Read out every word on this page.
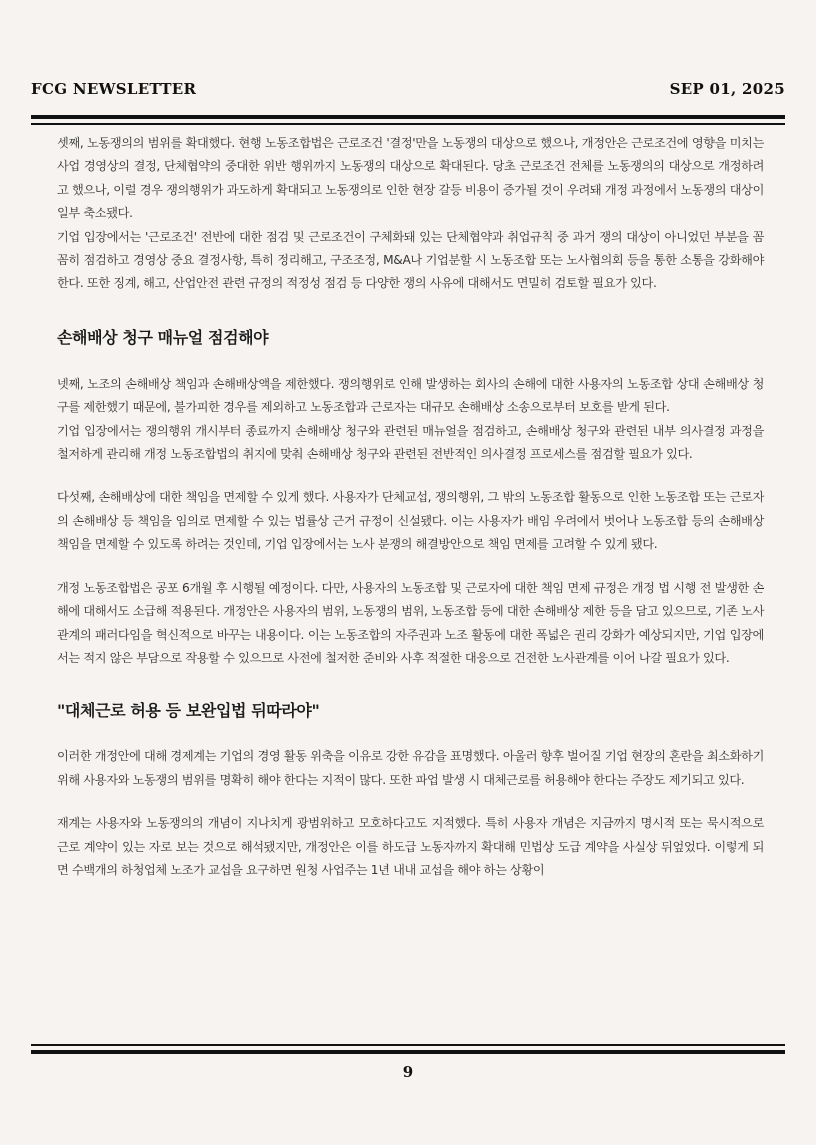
FCG NEWSLETTER	SEP 01, 2025

셋째, 노동쟁의의 범위를 확대했다. 현행 노동조합법은 근로조건 '결정'만을 노동쟁의 대상으로 했으나, 개정안은 근로조건에 영향을 미치는 사업 경영상의 결정, 단체협약의 중대한 위반 행위까지 노동쟁의 대상으로 확대된다. 당초 근로조건 전체를 노동쟁의의 대상으로 개정하려고 했으나, 이럴 경우 쟁의행위가 과도하게 확대되고 노동쟁의로 인한 현장 갈등 비용이 증가될 것이 우려돼 개정 과정에서 노동쟁의 대상이 일부 축소됐다.

기업 입장에서는 '근로조건' 전반에 대한 점검 및 근로조건이 구체화돼 있는 단체협약과 취업규칙 중 과거 쟁의 대상이 아니었던 부분을 꼼꼼히 점검하고 경영상 중요 결정사항, 특히 정리해고, 구조조정, M&A나 기업분할 시 노동조합 또는 노사협의회 등을 통한 소통을 강화해야 한다. 또한 징계, 해고, 산업안전 관련 규정의 적정성 점검 등 다양한 쟁의 사유에 대해서도 면밀히 검토할 필요가 있다.

손해배상 청구 매뉴얼 점검해야

넷째, 노조의 손해배상 책임과 손해배상액을 제한했다. 쟁의행위로 인해 발생하는 회사의 손해에 대한 사용자의 노동조합 상대 손해배상 청구를 제한했기 때문에, 불가피한 경우를 제외하고 노동조합과 근로자는 대규모 손해배상 소송으로부터 보호를 받게 된다.

기업 입장에서는 쟁의행위 개시부터 종료까지 손해배상 청구와 관련된 매뉴얼을 점검하고, 손해배상 청구와 관련된 내부 의사결정 과정을 철저하게 관리해 개정 노동조합법의 취지에 맞춰 손해배상 청구와 관련된 전반적인 의사결정 프로세스를 점검할 필요가 있다.

다섯째, 손해배상에 대한 책임을 면제할 수 있게 했다. 사용자가 단체교섭, 쟁의행위, 그 밖의 노동조합 활동으로 인한 노동조합 또는 근로자의 손해배상 등 책임을 임의로 면제할 수 있는 법률상 근거 규정이 신설됐다. 이는 사용자가 배임 우려에서 벗어나 노동조합 등의 손해배상 책임을 면제할 수 있도록 하려는 것인데, 기업 입장에서는 노사 분쟁의 해결방안으로 책임 면제를 고려할 수 있게 됐다.

개정 노동조합법은 공포 6개월 후 시행될 예정이다. 다만, 사용자의 노동조합 및 근로자에 대한 책임 면제 규정은 개정 법 시행 전 발생한 손해에 대해서도 소급해 적용된다. 개정안은 사용자의 범위, 노동쟁의 범위, 노동조합 등에 대한 손해배상 제한 등을 담고 있으므로, 기존 노사관계의 패러다임을 혁신적으로 바꾸는 내용이다. 이는 노동조합의 자주권과 노조 활동에 대한 폭넓은 권리 강화가 예상되지만, 기업 입장에서는 적지 않은 부담으로 작용할 수 있으므로 사전에 철저한 준비와 사후 적절한 대응으로 건전한 노사관계를 이어 나갈 필요가 있다.

"대체근로 허용 등 보완입법 뒤따라야"

이러한 개정안에 대해 경제계는 기업의 경영 활동 위축을 이유로 강한 유감을 표명했다. 아울러 향후 벌어질 기업 현장의 혼란을 최소화하기 위해 사용자와 노동쟁의 범위를 명확히 해야 한다는 지적이 많다. 또한 파업 발생 시 대체근로를 허용해야 한다는 주장도 제기되고 있다.

재계는 사용자와 노동쟁의의 개념이 지나치게 광범위하고 모호하다고도 지적했다. 특히 사용자 개념은 지금까지 명시적 또는 묵시적으로 근로 계약이 있는 자로 보는 것으로 해석됐지만, 개정안은 이를 하도급 노동자까지 확대해 민법상 도급 계약을 사실상 뒤엎었다. 이렇게 되면 수백개의 하청업체 노조가 교섭을 요구하면 원청 사업주는 1년 내내 교섭을 해야 하는 상황이

9
